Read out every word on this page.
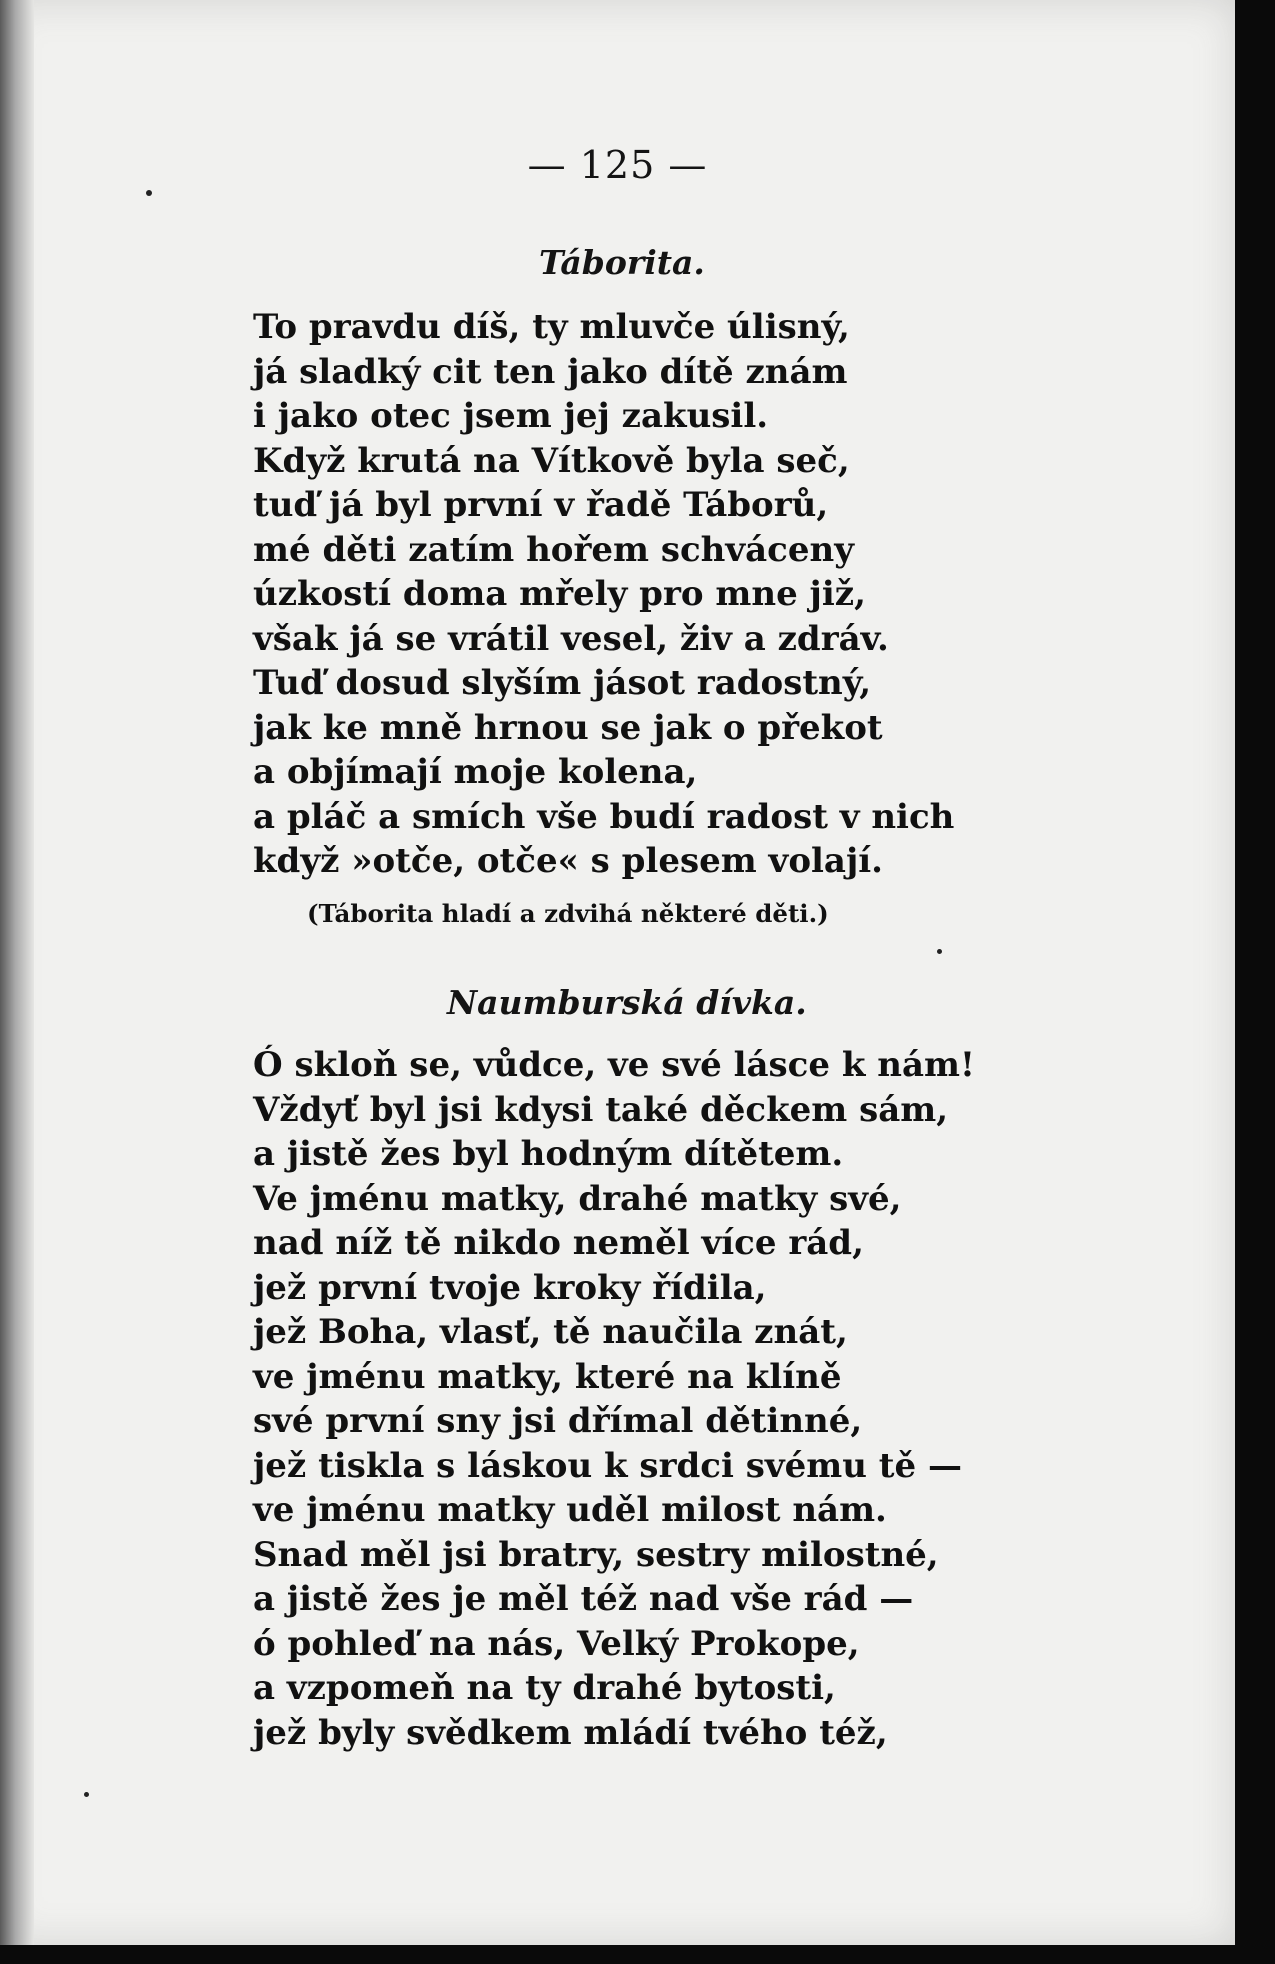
— 125 —
Táborita.
To pravdu díš, ty mluvče úlisný,
já sladký cit ten jako dítě znám
i jako otec jsem jej zakusil.
Když krutá na Vítkově byla seč,
tuď já byl první v řadě Táborů,
mé děti zatím hořem schváceny
úzkostí doma mřely pro mne již,
však já se vrátil vesel, živ a zdráv.
Tuď dosud slyším jásot radostný,
jak ke mně hrnou se jak o překot
a objímají moje kolena,
a pláč a smích vše budí radost v nich
když »otče, otče« s plesem volají.
(Táborita hladí a zdvihá některé děti.)
Naumburská dívka.
Ó skloň se, vůdce, ve své lásce k nám!
Vždyť byl jsi kdysi také děckem sám,
a jistě žes byl hodným dítětem.
Ve jménu matky, drahé matky své,
nad níž tě nikdo neměl více rád,
jež první tvoje kroky řídila,
jež Boha, vlasť, tě naučila znát,
ve jménu matky, které na klíně
své první sny jsi dřímal dětinné,
jež tiskla s láskou k srdci svému tě —
ve jménu matky uděl milost nám.
Snad měl jsi bratry, sestry milostné,
a jistě žes je měl též nad vše rád —
ó pohleď na nás, Velký Prokope,
a vzpomeň na ty drahé bytosti,
jež byly svědkem mládí tvého též,
